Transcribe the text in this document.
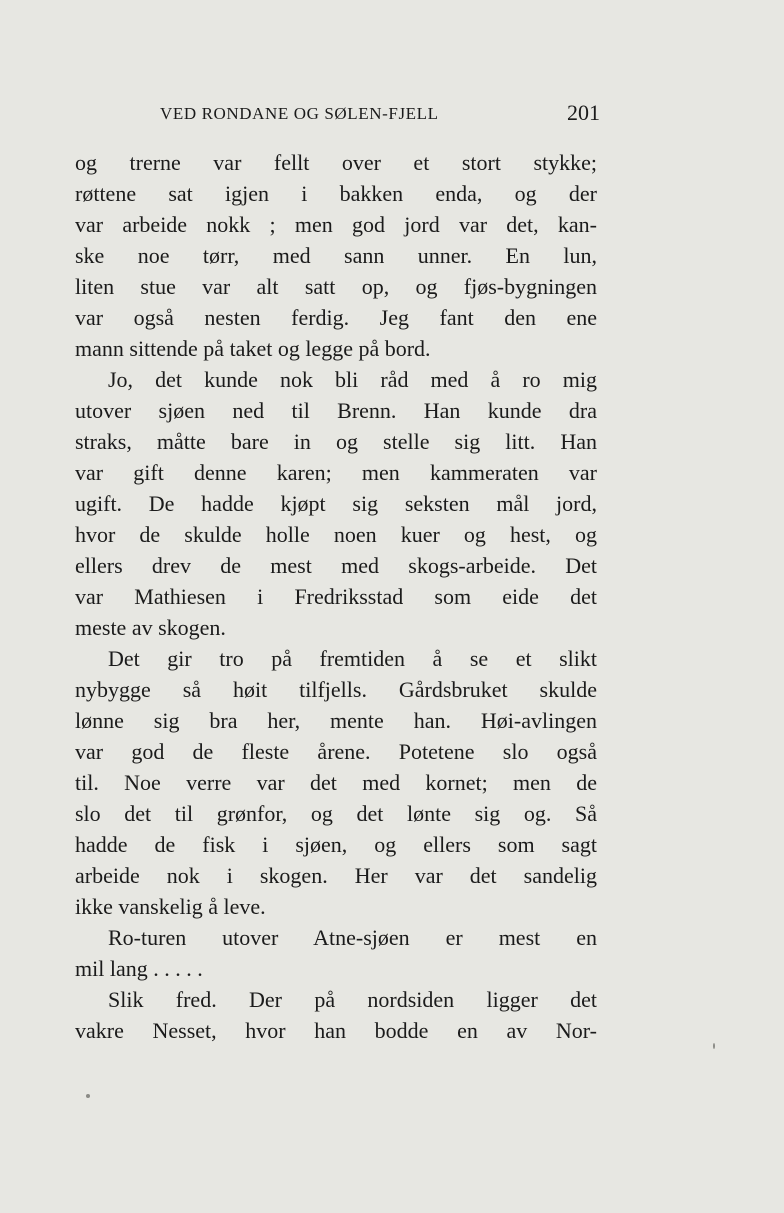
VED RONDANE OG SØLEN-FJELL	201
og trerne var fellt over et stort stykke;
røttene sat igjen i bakken enda, og der
var arbeide nokk ; men god jord var det, kan-
ske noe tørr, med sann unner. En lun,
liten stue var alt satt op, og fjøs-bygningen
var også nesten ferdig. Jeg fant den ene
mann sittende på taket og legge på bord.
Jo, det kunde nok bli råd med å ro mig
utover sjøen ned til Brenn. Han kunde dra
straks, måtte bare in og stelle sig litt. Han
var gift denne karen; men kammeraten var
ugift. De hadde kjøpt sig seksten mål jord,
hvor de skulde holle noen kuer og hest, og
ellers drev de mest med skogs-arbeide. Det
var Mathiesen i Fredriksstad som eide det
meste av skogen.
Det gir tro på fremtiden å se et slikt
nybygge så høit tilfjells. Gårdsbruket skulde
lønne sig bra her, mente han. Høi-avlingen
var god de fleste årene. Potetene slo også
til. Noe verre var det med kornet; men de
slo det til grønfor, og det lønte sig og. Så
hadde de fisk i sjøen, og ellers som sagt
arbeide nok i skogen. Her var det sandelig
ikke vanskelig å leve.
Ro-turen utover Atne-sjøen er mest en
mil lang . . . . .
Slik fred. Der på nordsiden ligger det
vakre Nesset, hvor han bodde en av Nor-
